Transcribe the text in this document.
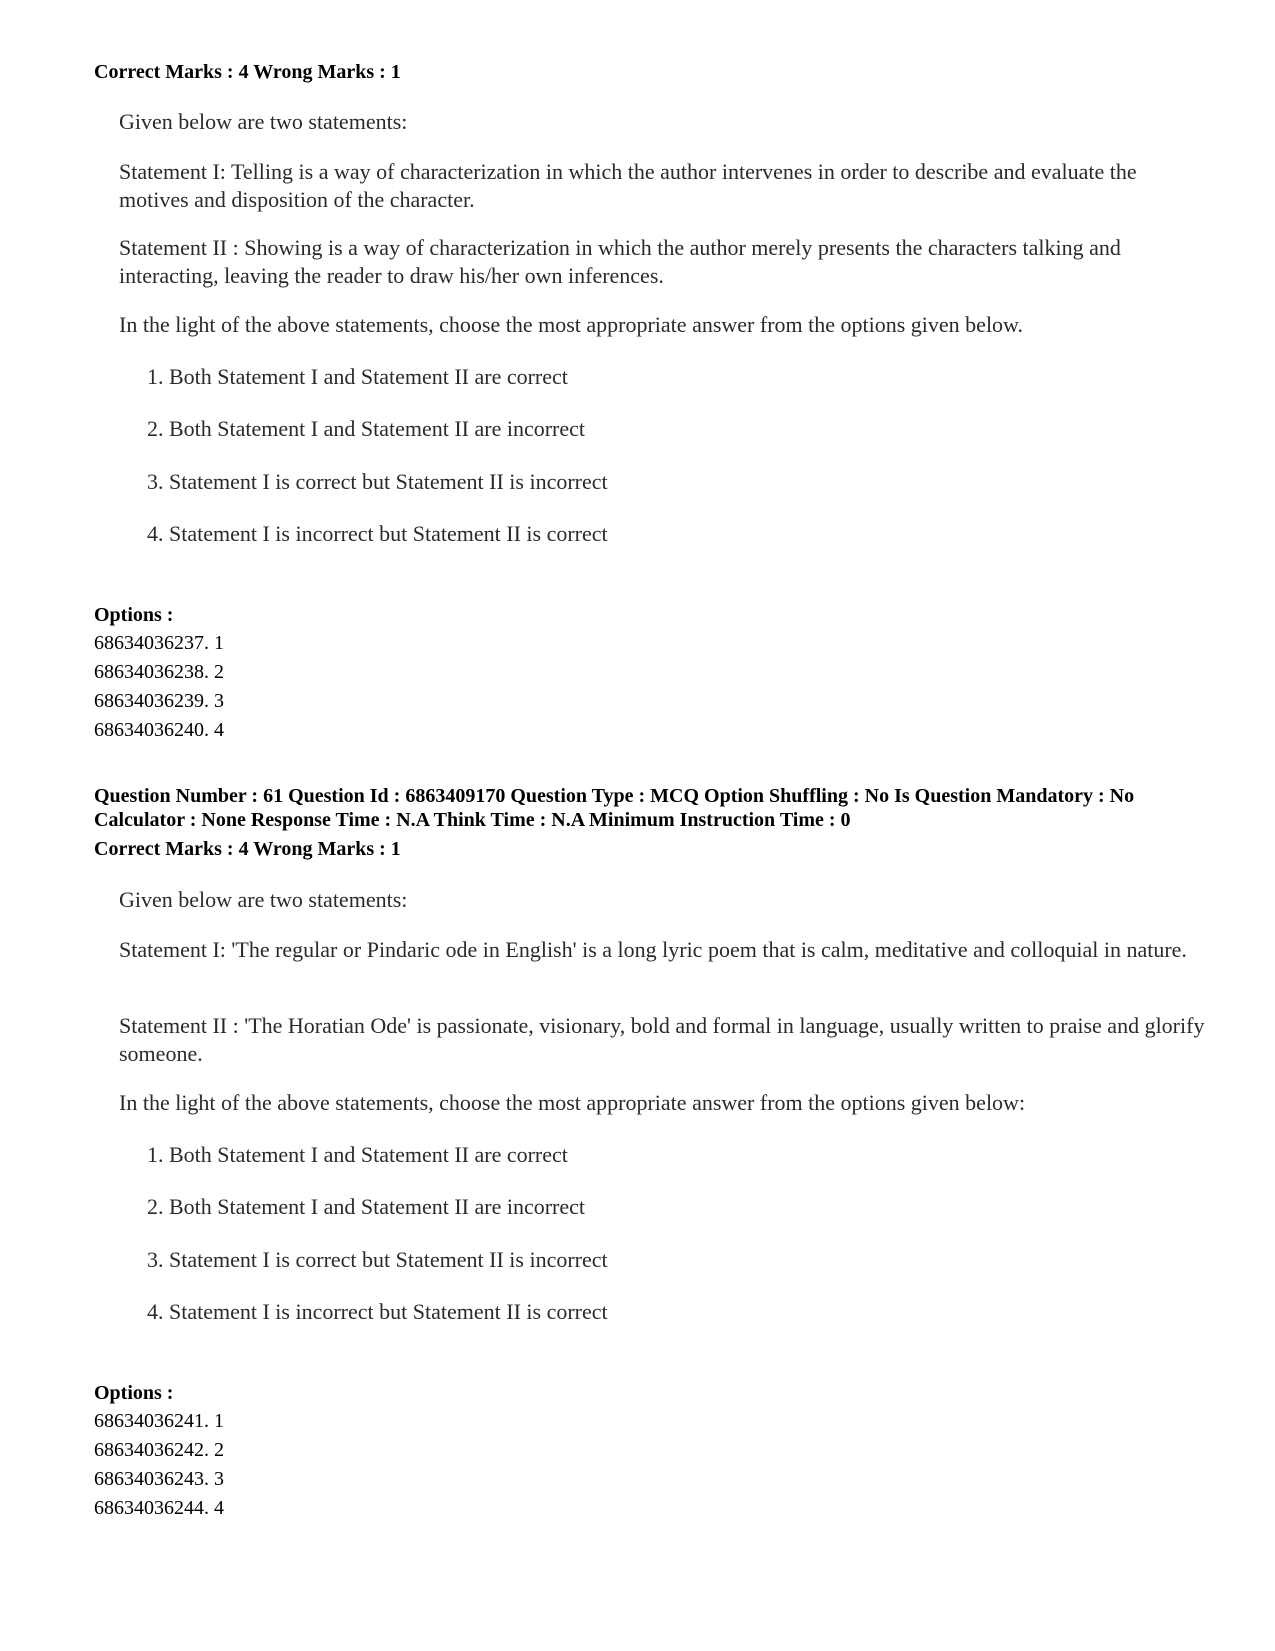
Correct Marks : 4 Wrong Marks : 1

Given below are two statements:

Statement I: Telling is a way of characterization in which the author intervenes in order to describe and evaluate the motives and disposition of the character.

Statement II : Showing is a way of characterization in which the author merely presents the characters talking and interacting, leaving the reader to draw his/her own inferences.

In the light of the above statements, choose the most appropriate answer from the options given below.

1. Both Statement I and Statement II are correct
2. Both Statement I and Statement II are incorrect
3. Statement I is correct but Statement II is incorrect
4. Statement I is incorrect but Statement II is correct
Options :
68634036237. 1
68634036238. 2
68634036239. 3
68634036240. 4
Question Number : 61 Question Id : 6863409170 Question Type : MCQ Option Shuffling : No Is Question Mandatory : No Calculator : None Response Time : N.A Think Time : N.A Minimum Instruction Time : 0
Correct Marks : 4 Wrong Marks : 1

Given below are two statements:

Statement I: 'The regular or Pindaric ode in English' is a long lyric poem that is calm, meditative and colloquial in nature.

Statement II : 'The Horatian Ode' is passionate, visionary, bold and formal in language, usually written to praise and glorify someone.

In the light of the above statements, choose the most appropriate answer from the options given below:

1. Both Statement I and Statement II are correct
2. Both Statement I and Statement II are incorrect
3. Statement I is correct but Statement II is incorrect
4. Statement I is incorrect but Statement II is correct
Options :
68634036241. 1
68634036242. 2
68634036243. 3
68634036244. 4
